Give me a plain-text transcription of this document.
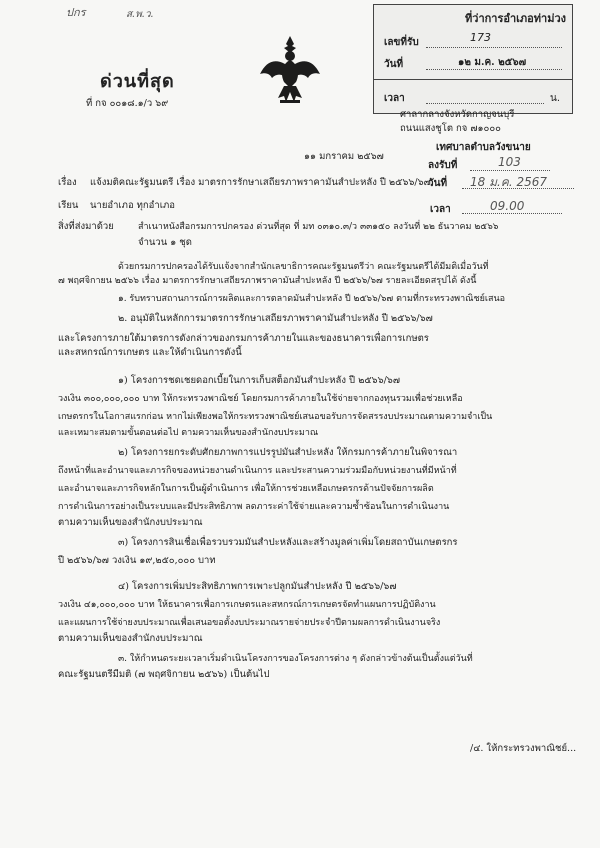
ปกร	ส.พ.ว.
ด่วนที่สุด
ที่ กจ ๐๐๑๘.๑/ว ๖๙
ที่ว่าการอำเภอท่าม่วง
เลขที่รับ	173
วันที่	๑๒ ม.ค. ๒๕๖๗
เวลา	น.
ศาลากลางจังหวัดกาญจนบุรี
ถนนแสงชูโต กจ ๗๑๐๐๐
๑๑ มกราคม ๒๕๖๗
เทศบาลตำบลวังขนาย
ลงรับที่	103
วันที่ 18 ม.ค. 2567
เวลา	09.00
เรื่อง แจ้งมติคณะรัฐมนตรี เรื่อง มาตรการรักษาเสถียรภาพราคามันสำปะหลัง ปี ๒๕๖๖/๖๗
เรียน นายอำเภอ ทุกอำเภอ
สิ่งที่ส่งมาด้วย	สำเนาหนังสือกรมการปกครอง ด่วนที่สุด ที่ มท ๐๓๑๐.๓/ว ๓๓๑๕๐ ลงวันที่ ๒๒ ธันวาคม ๒๕๖๖
จำนวน ๑ ชุด
ด้วยกรมการปกครองได้รับแจ้งจากสำนักเลขาธิการคณะรัฐมนตรีว่า คณะรัฐมนตรีได้มีมติเมื่อวันที่
๗ พฤศจิกายน ๒๕๖๖ เรื่อง มาตรการรักษาเสถียรภาพราคามันสำปะหลัง ปี ๒๕๖๖/๖๗ รายละเอียดสรุปได้ ดังนี้
๑. รับทราบสถานการณ์การผลิตและการตลาดมันสำปะหลัง ปี ๒๕๖๖/๖๗ ตามที่กระทรวงพาณิชย์เสนอ
๒. อนุมัติในหลักการมาตรการรักษาเสถียรภาพราคามันสำปะหลัง ปี ๒๕๖๖/๖๗
และโครงการภายใต้มาตรการดังกล่าวของกรมการค้าภายในและของธนาคารเพื่อการเกษตร
และสหกรณ์การเกษตร และให้ดำเนินการดังนี้
๑) โครงการชดเชยดอกเบี้ยในการเก็บสต็อกมันสำปะหลัง ปี ๒๕๖๖/๖๗
วงเงิน ๓๐๐,๐๐๐,๐๐๐ บาท ให้กระทรวงพาณิชย์ โดยกรมการค้าภายในใช้จ่ายจากกองทุนรวมเพื่อช่วยเหลือ
เกษตรกรในโอกาสแรกก่อน หากไม่เพียงพอให้กระทรวงพาณิชย์เสนอขอรับการจัดสรรงบประมาณตามความจำเป็น
และเหมาะสมตามขั้นตอนต่อไป ตามความเห็นของสำนักงบประมาณ
๒) โครงการยกระดับศักยภาพการแปรรูปมันสำปะหลัง ให้กรมการค้าภายในพิจารณา
ถึงหน้าที่และอำนาจและภารกิจของหน่วยงานดำเนินการ และประสานความร่วมมือกับหน่วยงานที่มีหน้าที่
และอำนาจและภารกิจหลักในการเป็นผู้ดำเนินการ เพื่อให้การช่วยเหลือเกษตรกรด้านปัจจัยการผลิต
การดำเนินการอย่างเป็นระบบและมีประสิทธิภาพ ลดภาระค่าใช้จ่ายและความซ้ำซ้อนในการดำเนินงาน
ตามความเห็นของสำนักงบประมาณ
๓) โครงการสินเชื่อเพื่อรวบรวมมันสำปะหลังและสร้างมูลค่าเพิ่มโดยสถาบันเกษตรกร
ปี ๒๕๖๖/๖๗ วงเงิน ๑๙,๒๕๐,๐๐๐ บาท
๔) โครงการเพิ่มประสิทธิภาพการเพาะปลูกมันสำปะหลัง ปี ๒๕๖๖/๖๗
วงเงิน ๔๑,๐๐๐,๐๐๐ บาท ให้ธนาคารเพื่อการเกษตรและสหกรณ์การเกษตรจัดทำแผนการปฏิบัติงาน
และแผนการใช้จ่ายงบประมาณเพื่อเสนอขอตั้งงบประมาณรายจ่ายประจำปีตามผลการดำเนินงานจริง
ตามความเห็นของสำนักงบประมาณ
๓. ให้กำหนดระยะเวลาเริ่มดำเนินโครงการของโครงการต่าง ๆ ดังกล่าวข้างต้นเป็นตั้งแต่วันที่
คณะรัฐมนตรีมีมติ (๗ พฤศจิกายน ๒๕๖๖) เป็นต้นไป
/๔. ให้กระทรวงพาณิชย์...
